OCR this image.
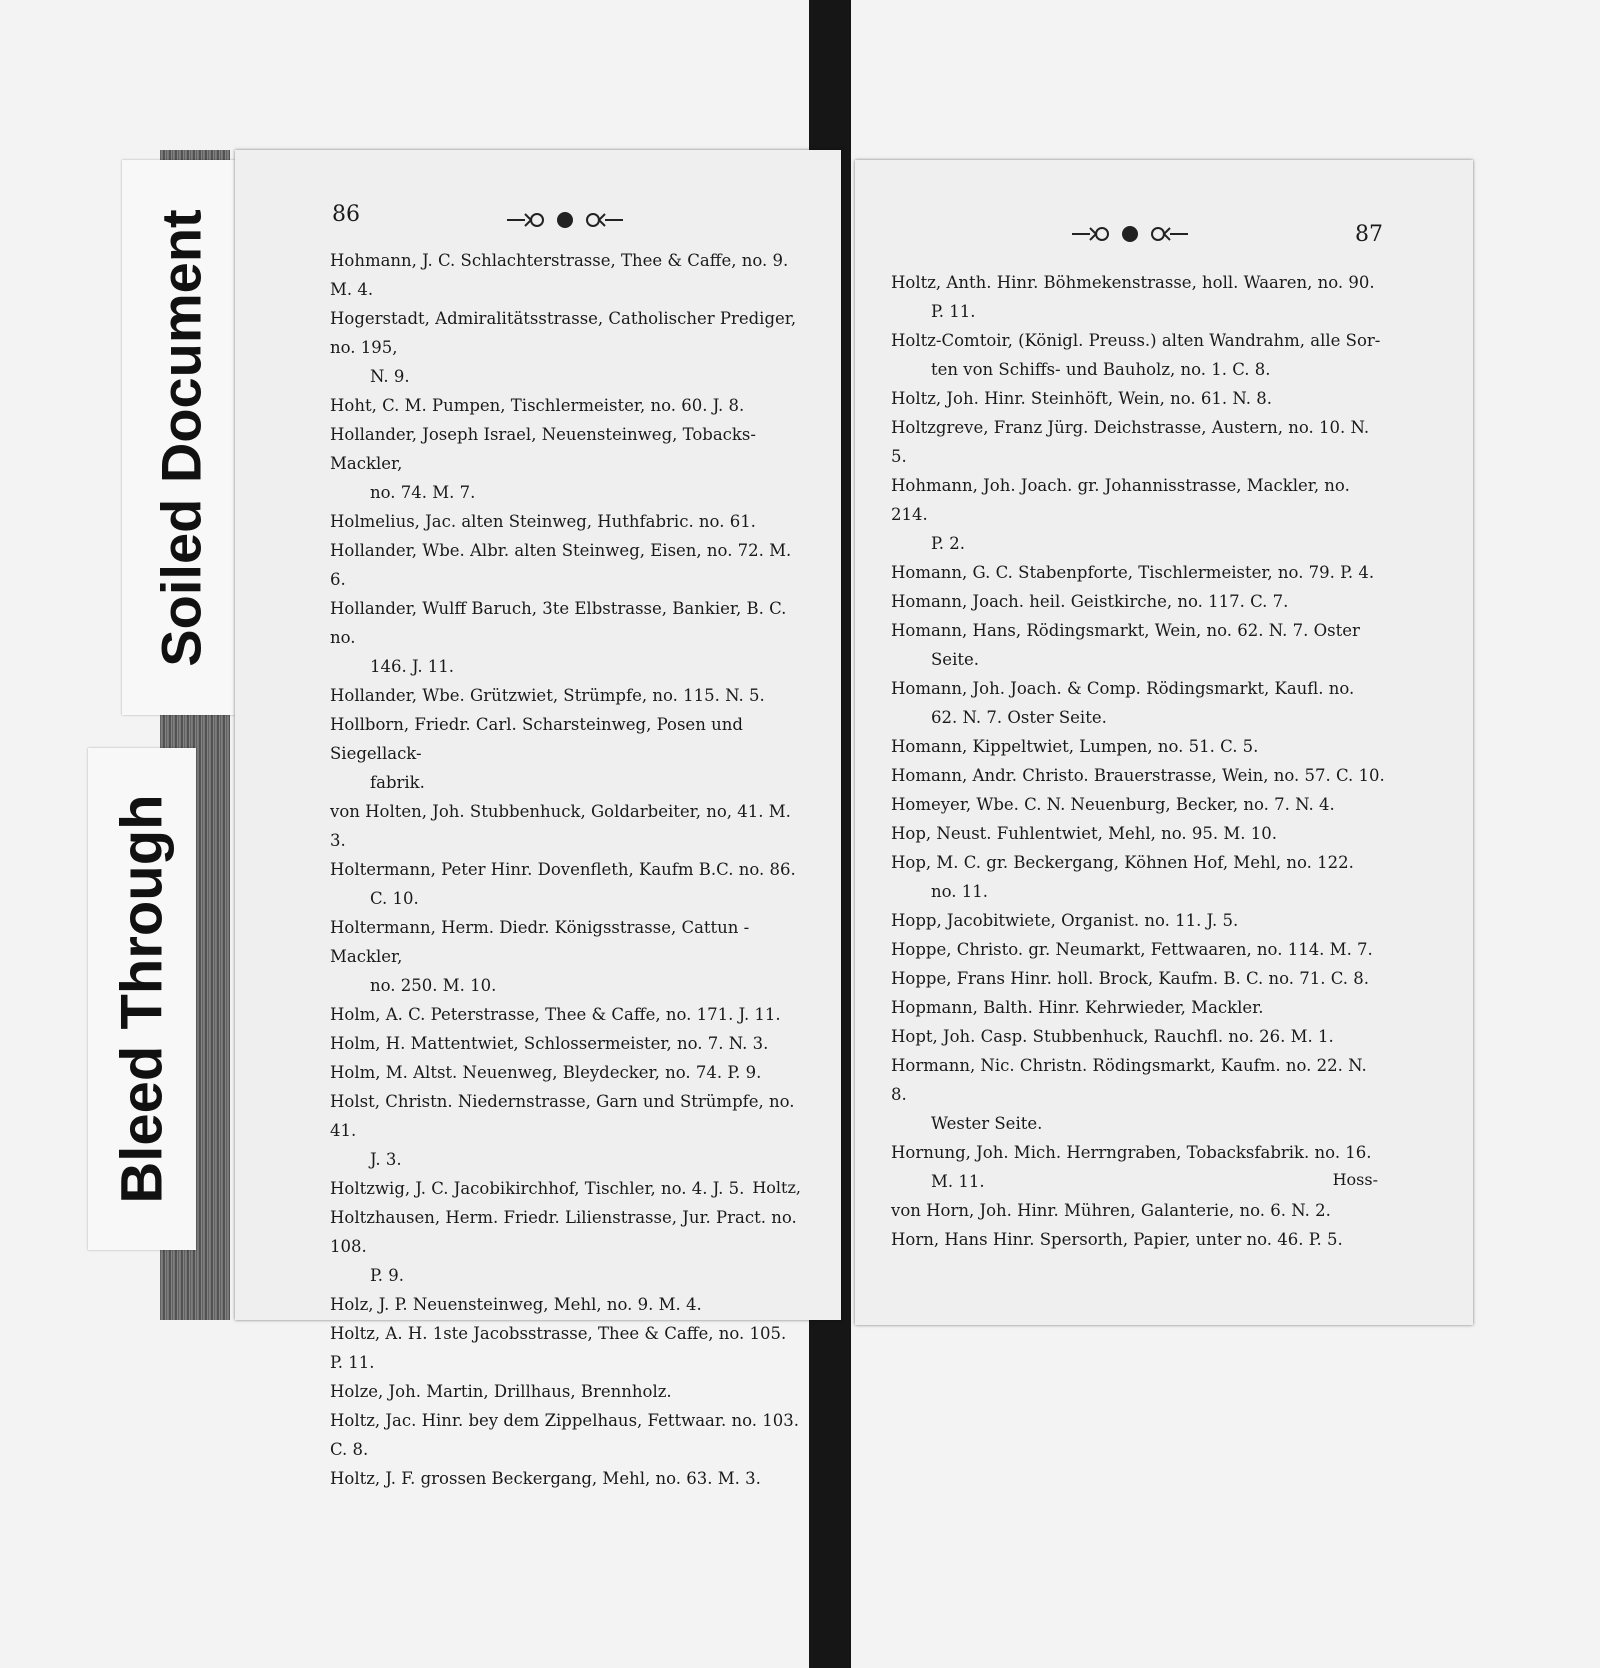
Soiled Document
Bleed Through
86

Hohmann, J. C. Schlachterstrasse, Thee & Caffe, no. 9. M. 4.

Hogerstadt, Admiralitätsstrasse, Catholischer Prediger, no. 195,
N. 9.

Hoht, C. M. Pumpen, Tischlermeister, no. 60. J. 8.

Hollander, Joseph Israel, Neuensteinweg, Tobacks-Mackler,
no. 74. M. 7.

Holmelius, Jac. alten Steinweg, Huthfabric. no. 61.

Hollander, Wbe. Albr. alten Steinweg, Eisen, no. 72. M. 6.

Hollander, Wulff Baruch, 3te Elbstrasse, Bankier, B. C. no.
146. J. 11.

Hollander, Wbe. Grützwiet, Strümpfe, no. 115. N. 5.

Hollborn, Friedr. Carl. Scharsteinweg, Posen und Siegellack-
fabrik.

von Holten, Joh. Stubbenhuck, Goldarbeiter, no, 41. M. 3.

Holtermann, Peter Hinr. Dovenfleth, Kaufm B.C. no. 86.
C. 10.

Holtermann, Herm. Diedr. Königsstrasse, Cattun - Mackler,
no. 250. M. 10.

Holm, A. C. Peterstrasse, Thee & Caffe, no. 171. J. 11.

Holm, H. Mattentwiet, Schlossermeister, no. 7. N. 3.

Holm, M. Altst. Neuenweg, Bleydecker, no. 74. P. 9.

Holst, Christn. Niedernstrasse, Garn und Strümpfe, no. 41.
J. 3.

Holtzwig, J. C. Jacobikirchhof, Tischler, no. 4. J. 5.

Holtzhausen, Herm. Friedr. Lilienstrasse, Jur. Pract. no. 108.
P. 9.

Holz, J. P. Neuensteinweg, Mehl, no. 9. M. 4.

Holtz, A. H. 1ste Jacobsstrasse, Thee & Caffe, no. 105. P. 11.

Holze, Joh. Martin, Drillhaus, Brennholz.

Holtz, Jac. Hinr. bey dem Zippelhaus, Fettwaar. no. 103. C. 8.

Holtz, J. F. grossen Beckergang, Mehl, no. 63. M. 3.

Holtz,
87

Holtz, Anth. Hinr. Böhmekenstrasse, holl. Waaren, no. 90.
P. 11.

Holtz-Comtoir, (Königl. Preuss.) alten Wandrahm, alle Sor-
ten von Schiffs- und Bauholz, no. 1. C. 8.

Holtz, Joh. Hinr. Steinhöft, Wein, no. 61. N. 8.

Holtzgreve, Franz Jürg. Deichstrasse, Austern, no. 10. N. 5.

Hohmann, Joh. Joach. gr. Johannisstrasse, Mackler, no. 214.
P. 2.

Homann, G. C. Stabenpforte, Tischlermeister, no. 79. P. 4.

Homann, Joach. heil. Geistkirche, no. 117. C. 7.

Homann, Hans, Rödingsmarkt, Wein, no. 62. N. 7. Oster
Seite.

Homann, Joh. Joach. & Comp. Rödingsmarkt, Kaufl. no.
62. N. 7. Oster Seite.

Homann, Kippeltwiet, Lumpen, no. 51. C. 5.

Homann, Andr. Christo. Brauerstrasse, Wein, no. 57. C. 10.

Homeyer, Wbe. C. N. Neuenburg, Becker, no. 7. N. 4.

Hop, Neust. Fuhlentwiet, Mehl, no. 95. M. 10.

Hop, M. C. gr. Beckergang, Köhnen Hof, Mehl, no. 122.
no. 11.

Hopp, Jacobitwiete, Organist. no. 11. J. 5.

Hoppe, Christo. gr. Neumarkt, Fettwaaren, no. 114. M. 7.

Hoppe, Frans Hinr. holl. Brock, Kaufm. B. C. no. 71. C. 8.

Hopmann, Balth. Hinr. Kehrwieder, Mackler.

Hopt, Joh. Casp. Stubbenhuck, Rauchfl. no. 26. M. 1.

Hormann, Nic. Christn. Rödingsmarkt, Kaufm. no. 22. N. 8.
Wester Seite.

Hornung, Joh. Mich. Herrngraben, Tobacksfabrik. no. 16.
M. 11.

von Horn, Joh. Hinr. Mühren, Galanterie, no. 6. N. 2.

Horn, Hans Hinr. Spersorth, Papier, unter no. 46. P. 5.

Hoss-
